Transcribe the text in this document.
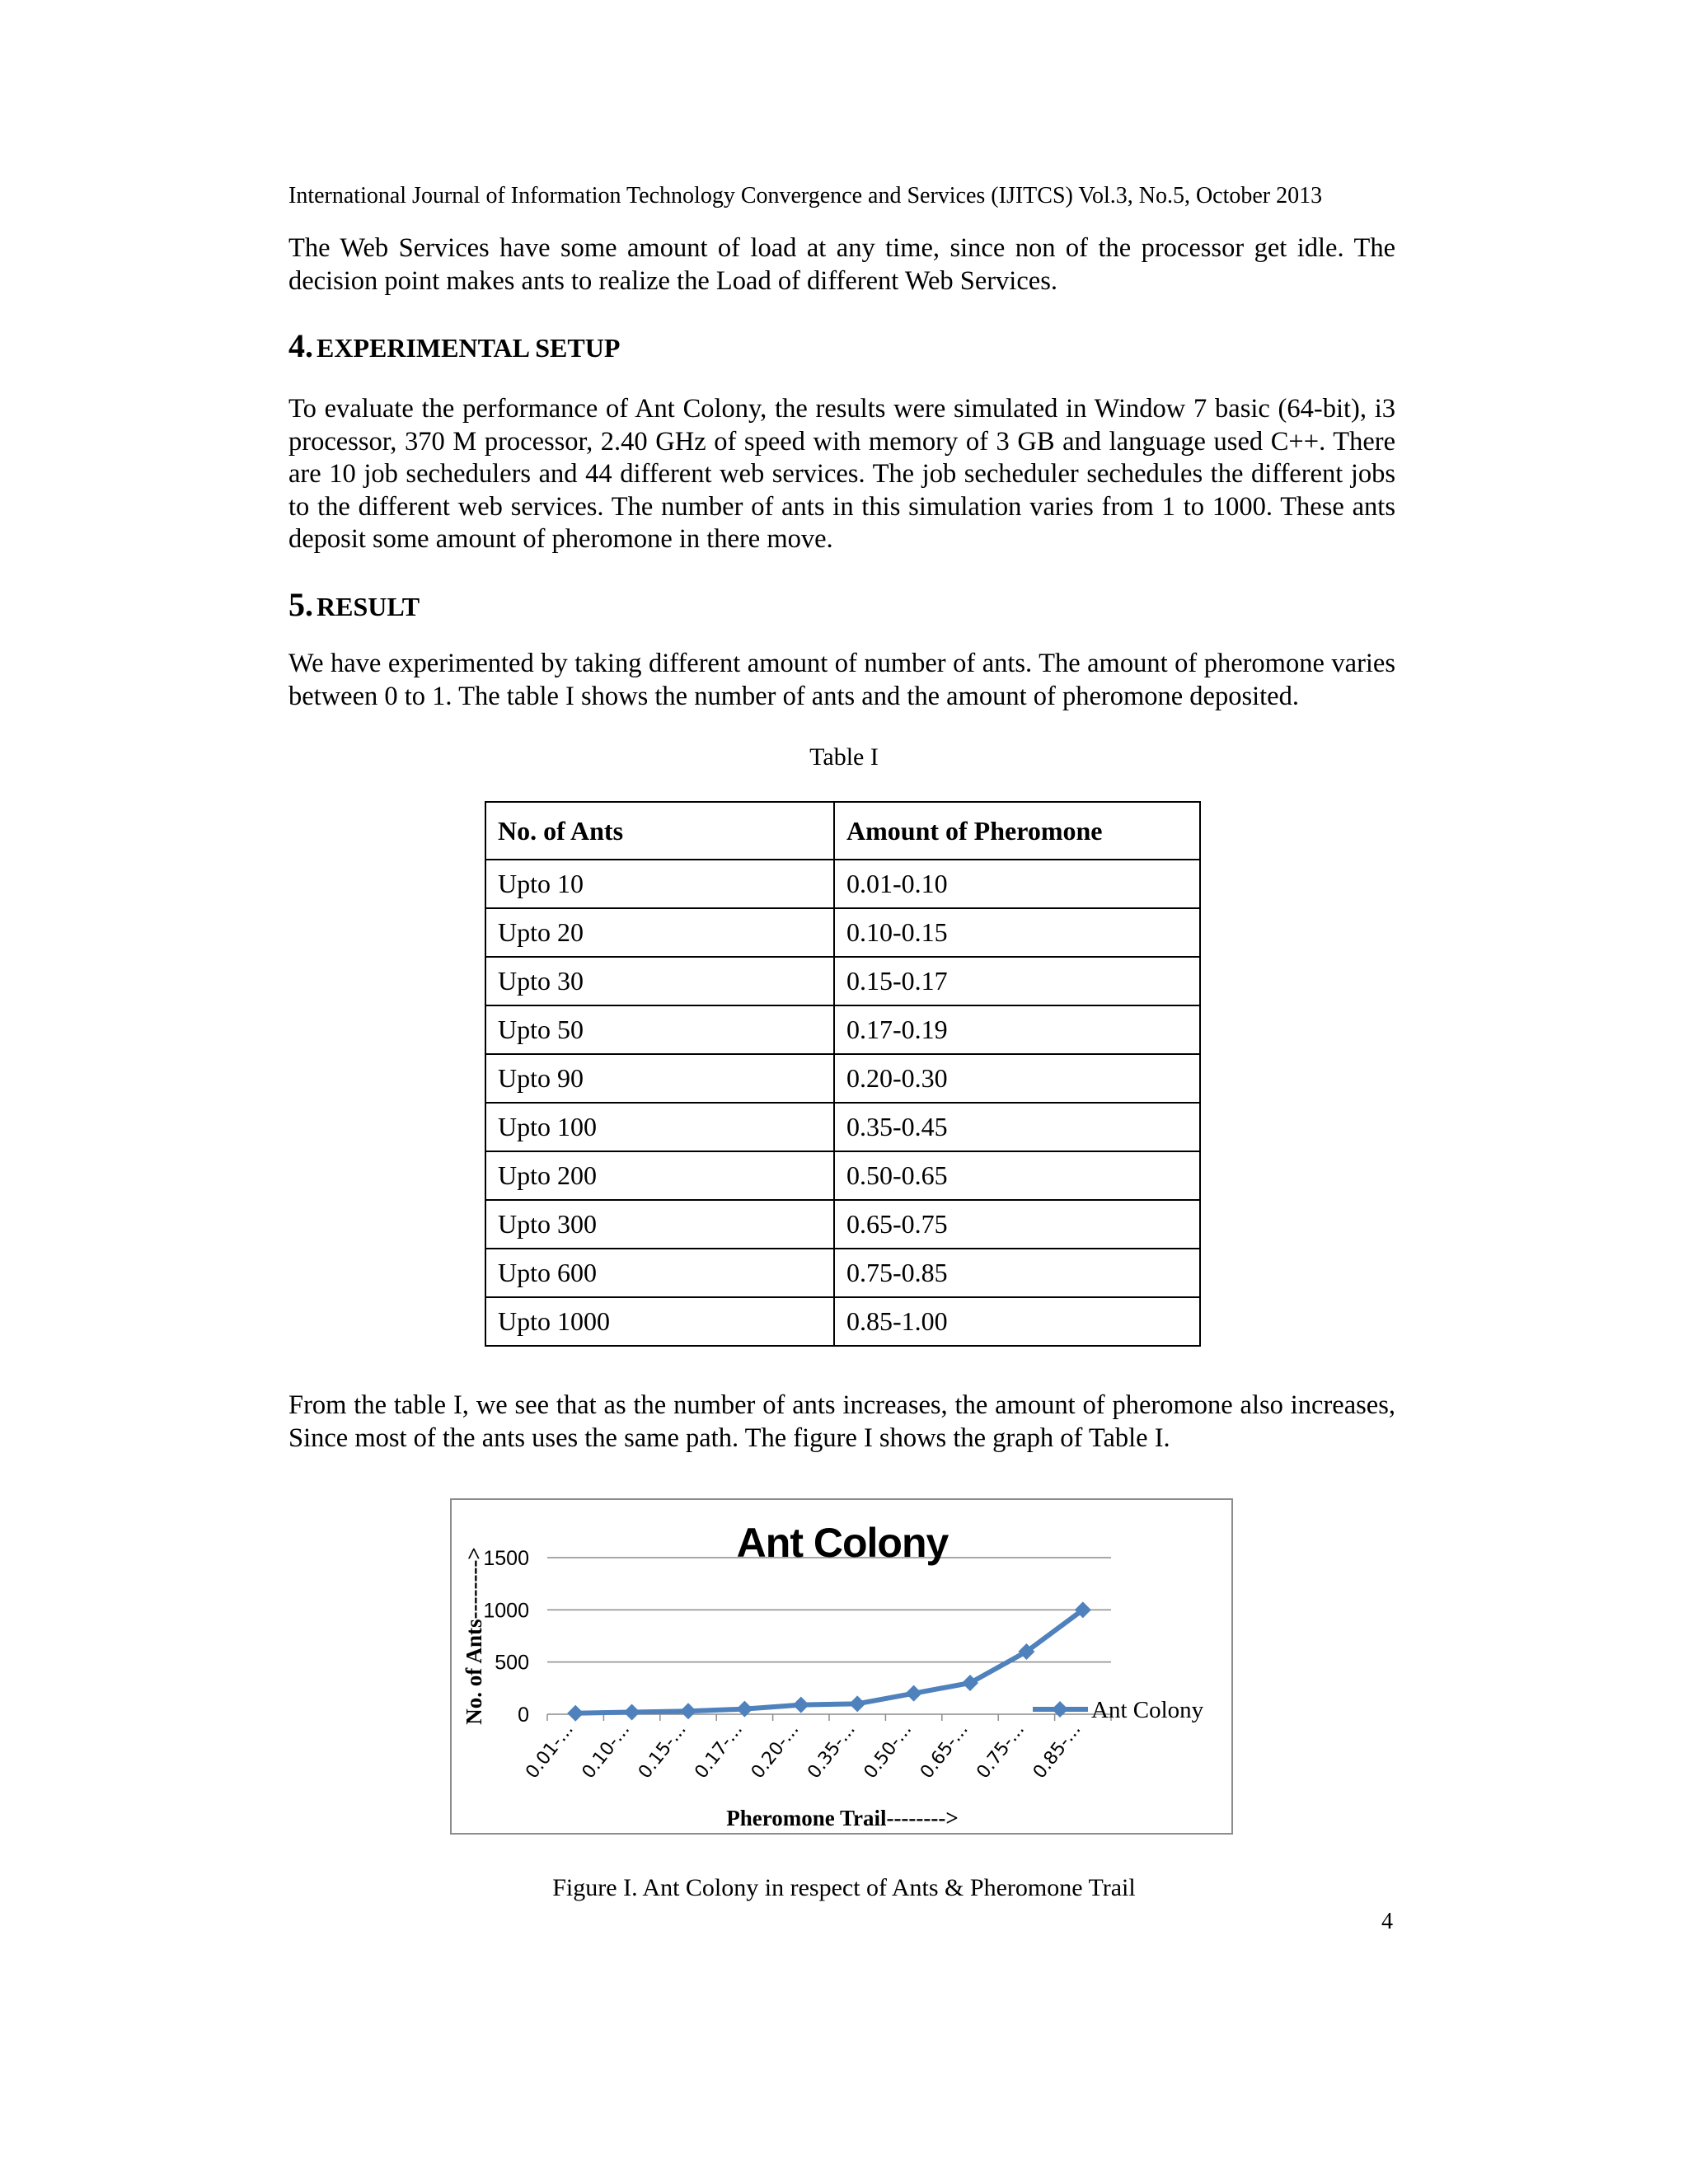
International Journal of Information Technology Convergence and Services (IJITCS) Vol.3, No.5, October 2013

The Web Services have some amount of load at any time, since non of the processor get idle. The decision point makes ants to realize the Load of different Web Services.

4. EXPERIMENTAL SETUP

To evaluate the performance of Ant Colony, the results were simulated in Window 7 basic (64-bit), i3 processor, 370 M processor, 2.40 GHz of speed with memory of 3 GB and language used C++. There are 10 job sechedulers and 44 different web services. The job secheduler sechedules the different jobs to the different web services. The number of ants in this simulation varies from 1 to 1000. These ants deposit some amount of pheromone in there move.

5. RESULT

We have experimented by taking different amount of number of ants. The amount of pheromone varies between 0 to 1. The table I shows the number of ants and the amount of pheromone deposited.

Table I
No. of Ants	Amount of Pheromone
Upto 10	0.01-0.10
Upto 20	0.10-0.15
Upto 30	0.15-0.17
Upto 50	0.17-0.19
Upto 90	0.20-0.30
Upto 100	0.35-0.45
Upto 200	0.50-0.65
Upto 300	0.65-0.75
Upto 600	0.75-0.85
Upto 1000	0.85-1.00

From the table I, we see that as the number of ants increases, the amount of pheromone also increases, Since most of the ants uses the same path. The figure I shows the graph of Table I.

0
500
1000
1500
0.01-... 0.10-... 0.15-... 0.17-... 0.20-... 0.35-... 0.50-... 0.65-... 0.75-... 0.85-...
Ant Colony
No. of Ants-------->
Pheromone Trail-------->
Ant Colony
Figure I. Ant Colony in respect of Ants & Pheromone Trail
4
